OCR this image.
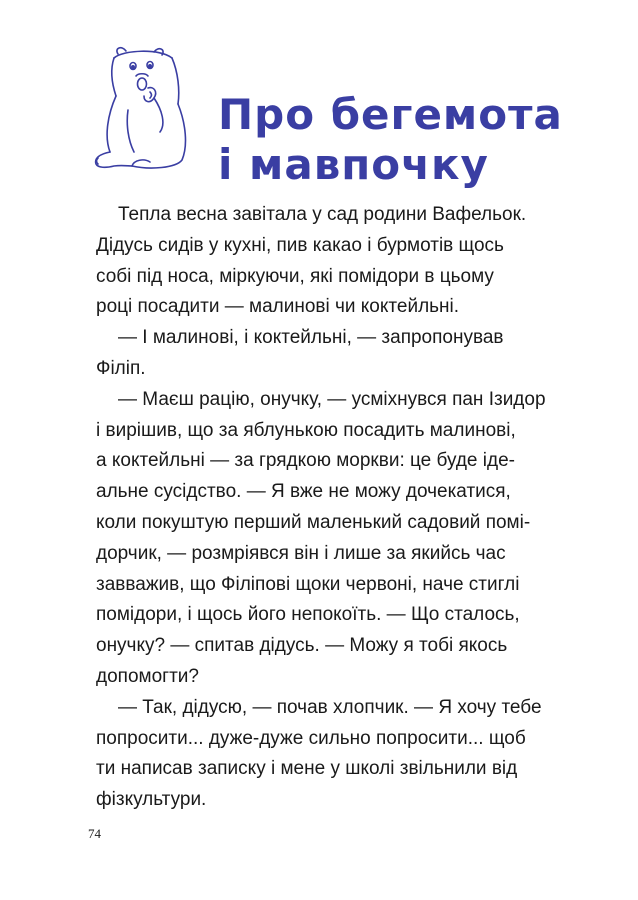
Про бегемота
і мавпочку
Тепла весна завітала у сад родини Вафельок.
Дідусь сидів у кухні, пив какао і бурмотів щось
собі під носа, міркуючи, які помідори в цьому
році посадити — малинові чи коктейльні.
— І малинові, і коктейльні, — запропонував
Філіп.
— Маєш рацію, онучку, — усміхнувся пан Ізидор
і вирішив, що за яблунькою посадить малинові,
а коктейльні — за грядкою моркви: це буде іде-
альне сусідство. — Я вже не можу дочекатися,
коли покуштую перший маленький садовий помі-
дорчик, — розмріявся він і лише за якийсь час
завважив, що Філіпові щоки червоні, наче стиглі
помідори, і щось його непокоїть. — Що сталось,
онучку? — спитав дідусь. — Можу я тобі якось
допомогти?
— Так, дідусю, — почав хлопчик. — Я хочу тебе
попросити... дуже-дуже сильно попросити... щоб
ти написав записку і мене у школі звільнили від
фізкультури.
74
